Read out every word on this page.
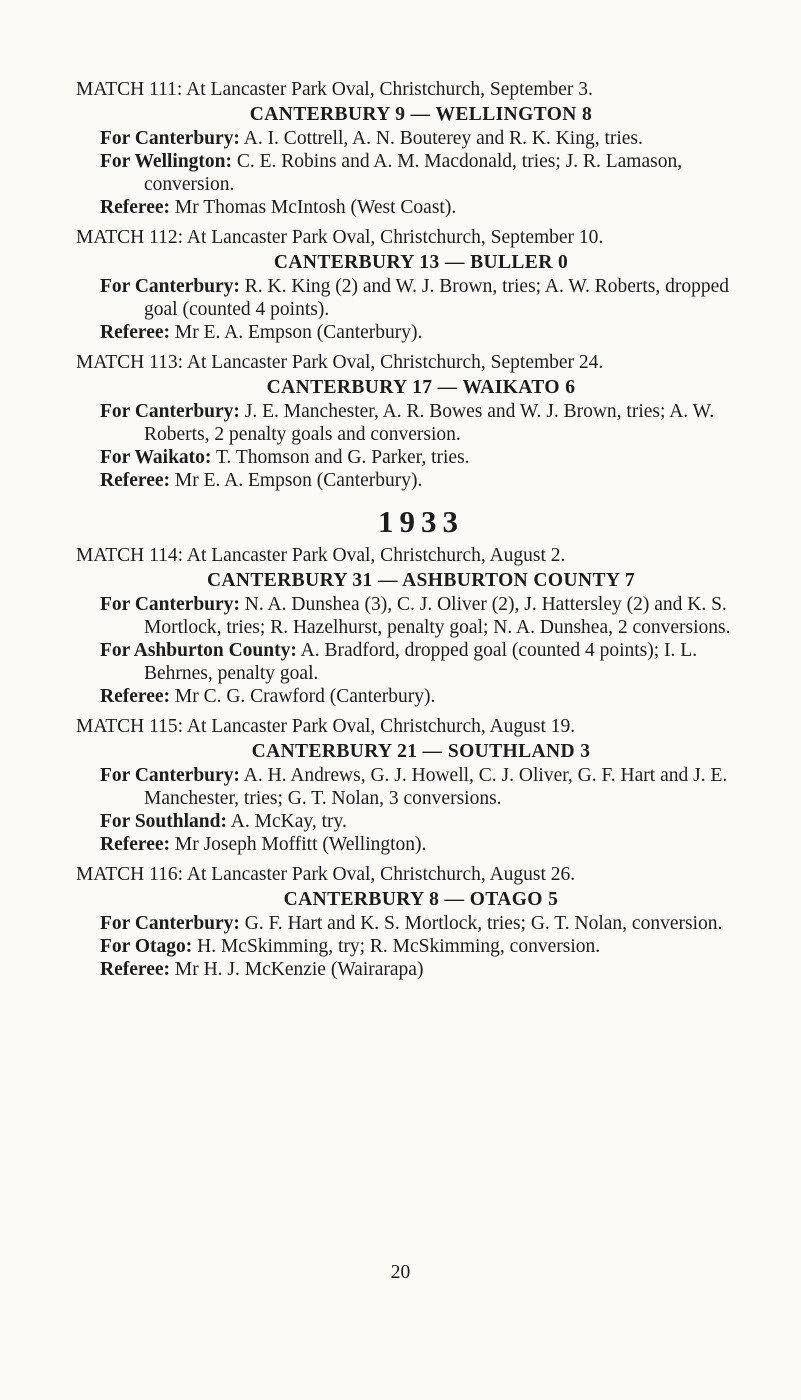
MATCH 111: At Lancaster Park Oval, Christchurch, September 3.

CANTERBURY 9 — WELLINGTON 8

For Canterbury: A. I. Cottrell, A. N. Bouterey and R. K. King, tries.

For Wellington: C. E. Robins and A. M. Macdonald, tries; J. R. Lamason, conversion.

Referee: Mr Thomas McIntosh (West Coast).

MATCH 112: At Lancaster Park Oval, Christchurch, September 10.

CANTERBURY 13 — BULLER 0

For Canterbury: R. K. King (2) and W. J. Brown, tries; A. W. Roberts, dropped goal (counted 4 points).

Referee: Mr E. A. Empson (Canterbury).

MATCH 113: At Lancaster Park Oval, Christchurch, September 24.

CANTERBURY 17 — WAIKATO 6

For Canterbury: J. E. Manchester, A. R. Bowes and W. J. Brown, tries; A. W. Roberts, 2 penalty goals and conversion.

For Waikato: T. Thomson and G. Parker, tries.

Referee: Mr E. A. Empson (Canterbury).

1933

MATCH 114: At Lancaster Park Oval, Christchurch, August 2.

CANTERBURY 31 — ASHBURTON COUNTY 7

For Canterbury: N. A. Dunshea (3), C. J. Oliver (2), J. Hattersley (2) and K. S. Mortlock, tries; R. Hazelhurst, penalty goal; N. A. Dunshea, 2 conversions.

For Ashburton County: A. Bradford, dropped goal (counted 4 points); I. L. Behrnes, penalty goal.

Referee: Mr C. G. Crawford (Canterbury).

MATCH 115: At Lancaster Park Oval, Christchurch, August 19.

CANTERBURY 21 — SOUTHLAND 3

For Canterbury: A. H. Andrews, G. J. Howell, C. J. Oliver, G. F. Hart and J. E. Manchester, tries; G. T. Nolan, 3 conversions.

For Southland: A. McKay, try.

Referee: Mr Joseph Moffitt (Wellington).

MATCH 116: At Lancaster Park Oval, Christchurch, August 26.

CANTERBURY 8 — OTAGO 5

For Canterbury: G. F. Hart and K. S. Mortlock, tries; G. T. Nolan, conversion.

For Otago: H. McSkimming, try; R. McSkimming, conversion.

Referee: Mr H. J. McKenzie (Wairarapa)

20
